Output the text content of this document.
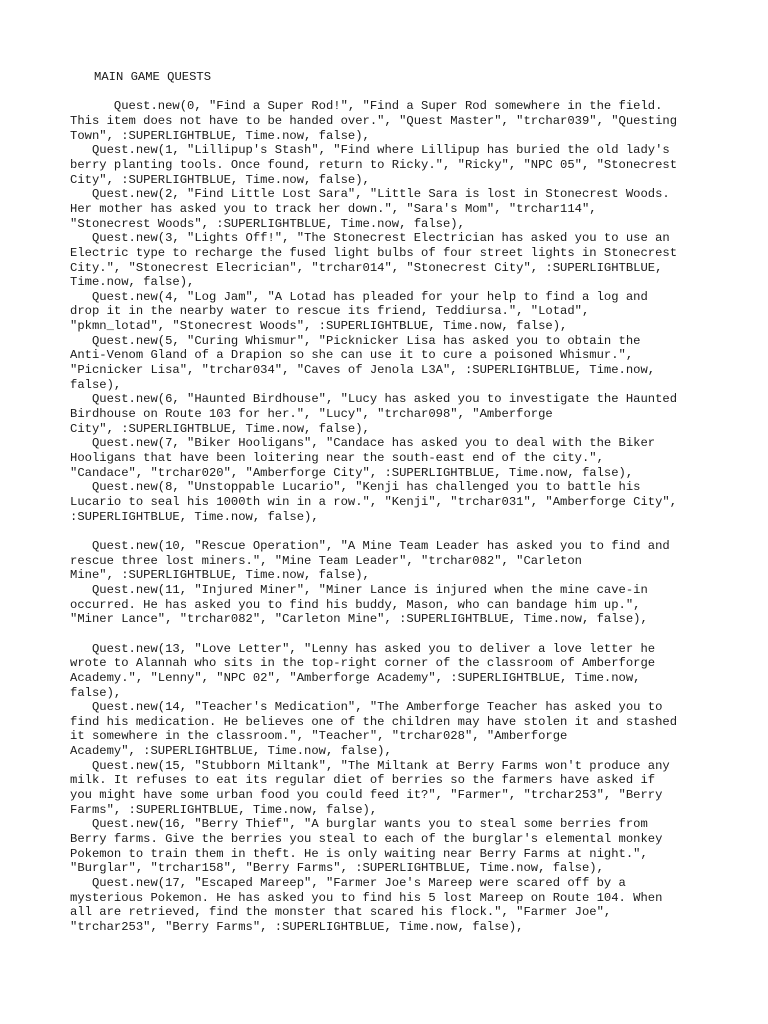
MAIN GAME QUESTS
Quest.new(0, "Find a Super Rod!", "Find a Super Rod somewhere in the field.
This item does not have to be handed over.", "Quest Master", "trchar039", "Questing
Town", :SUPERLIGHTBLUE, Time.now, false),
Quest.new(1, "Lillipup's Stash", "Find where Lillipup has buried the old lady's
berry planting tools. Once found, return to Ricky.", "Ricky", "NPC 05", "Stonecrest
City", :SUPERLIGHTBLUE, Time.now, false),
Quest.new(2, "Find Little Lost Sara", "Little Sara is lost in Stonecrest Woods.
Her mother has asked you to track her down.", "Sara's Mom", "trchar114",
"Stonecrest Woods", :SUPERLIGHTBLUE, Time.now, false),
Quest.new(3, "Lights Off!", "The Stonecrest Electrician has asked you to use an
Electric type to recharge the fused light bulbs of four street lights in Stonecrest
City.", "Stonecrest Elecrician", "trchar014", "Stonecrest City", :SUPERLIGHTBLUE,
Time.now, false),
Quest.new(4, "Log Jam", "A Lotad has pleaded for your help to find a log and
drop it in the nearby water to rescue its friend, Teddiursa.", "Lotad",
"pkmn_lotad", "Stonecrest Woods", :SUPERLIGHTBLUE, Time.now, false),
Quest.new(5, "Curing Whismur", "Picknicker Lisa has asked you to obtain the
Anti-Venom Gland of a Drapion so she can use it to cure a poisoned Whismur.",
"Picnicker Lisa", "trchar034", "Caves of Jenola L3A", :SUPERLIGHTBLUE, Time.now,
false),
Quest.new(6, "Haunted Birdhouse", "Lucy has asked you to investigate the Haunted
Birdhouse on Route 103 for her.", "Lucy", "trchar098", "Amberforge
City", :SUPERLIGHTBLUE, Time.now, false),
Quest.new(7, "Biker Hooligans", "Candace has asked you to deal with the Biker
Hooligans that have been loitering near the south-east end of the city.",
"Candace", "trchar020", "Amberforge City", :SUPERLIGHTBLUE, Time.now, false),
Quest.new(8, "Unstoppable Lucario", "Kenji has challenged you to battle his
Lucario to seal his 1000th win in a row.", "Kenji", "trchar031", "Amberforge City",
:SUPERLIGHTBLUE, Time.now, false),
Quest.new(10, "Rescue Operation", "A Mine Team Leader has asked you to find and
rescue three lost miners.", "Mine Team Leader", "trchar082", "Carleton
Mine", :SUPERLIGHTBLUE, Time.now, false),
Quest.new(11, "Injured Miner", "Miner Lance is injured when the mine cave-in
occurred. He has asked you to find his buddy, Mason, who can bandage him up.",
"Miner Lance", "trchar082", "Carleton Mine", :SUPERLIGHTBLUE, Time.now, false),
Quest.new(13, "Love Letter", "Lenny has asked you to deliver a love letter he
wrote to Alannah who sits in the top-right corner of the classroom of Amberforge
Academy.", "Lenny", "NPC 02", "Amberforge Academy", :SUPERLIGHTBLUE, Time.now,
false),
Quest.new(14, "Teacher's Medication", "The Amberforge Teacher has asked you to
find his medication. He believes one of the children may have stolen it and stashed
it somewhere in the classroom.", "Teacher", "trchar028", "Amberforge
Academy", :SUPERLIGHTBLUE, Time.now, false),
Quest.new(15, "Stubborn Miltank", "The Miltank at Berry Farms won't produce any
milk. It refuses to eat its regular diet of berries so the farmers have asked if
you might have some urban food you could feed it?", "Farmer", "trchar253", "Berry
Farms", :SUPERLIGHTBLUE, Time.now, false),
Quest.new(16, "Berry Thief", "A burglar wants you to steal some berries from
Berry farms. Give the berries you steal to each of the burglar's elemental monkey
Pokemon to train them in theft. He is only waiting near Berry Farms at night.",
"Burglar", "trchar158", "Berry Farms", :SUPERLIGHTBLUE, Time.now, false),
Quest.new(17, "Escaped Mareep", "Farmer Joe's Mareep were scared off by a
mysterious Pokemon. He has asked you to find his 5 lost Mareep on Route 104. When
all are retrieved, find the monster that scared his flock.", "Farmer Joe",
"trchar253", "Berry Farms", :SUPERLIGHTBLUE, Time.now, false),
